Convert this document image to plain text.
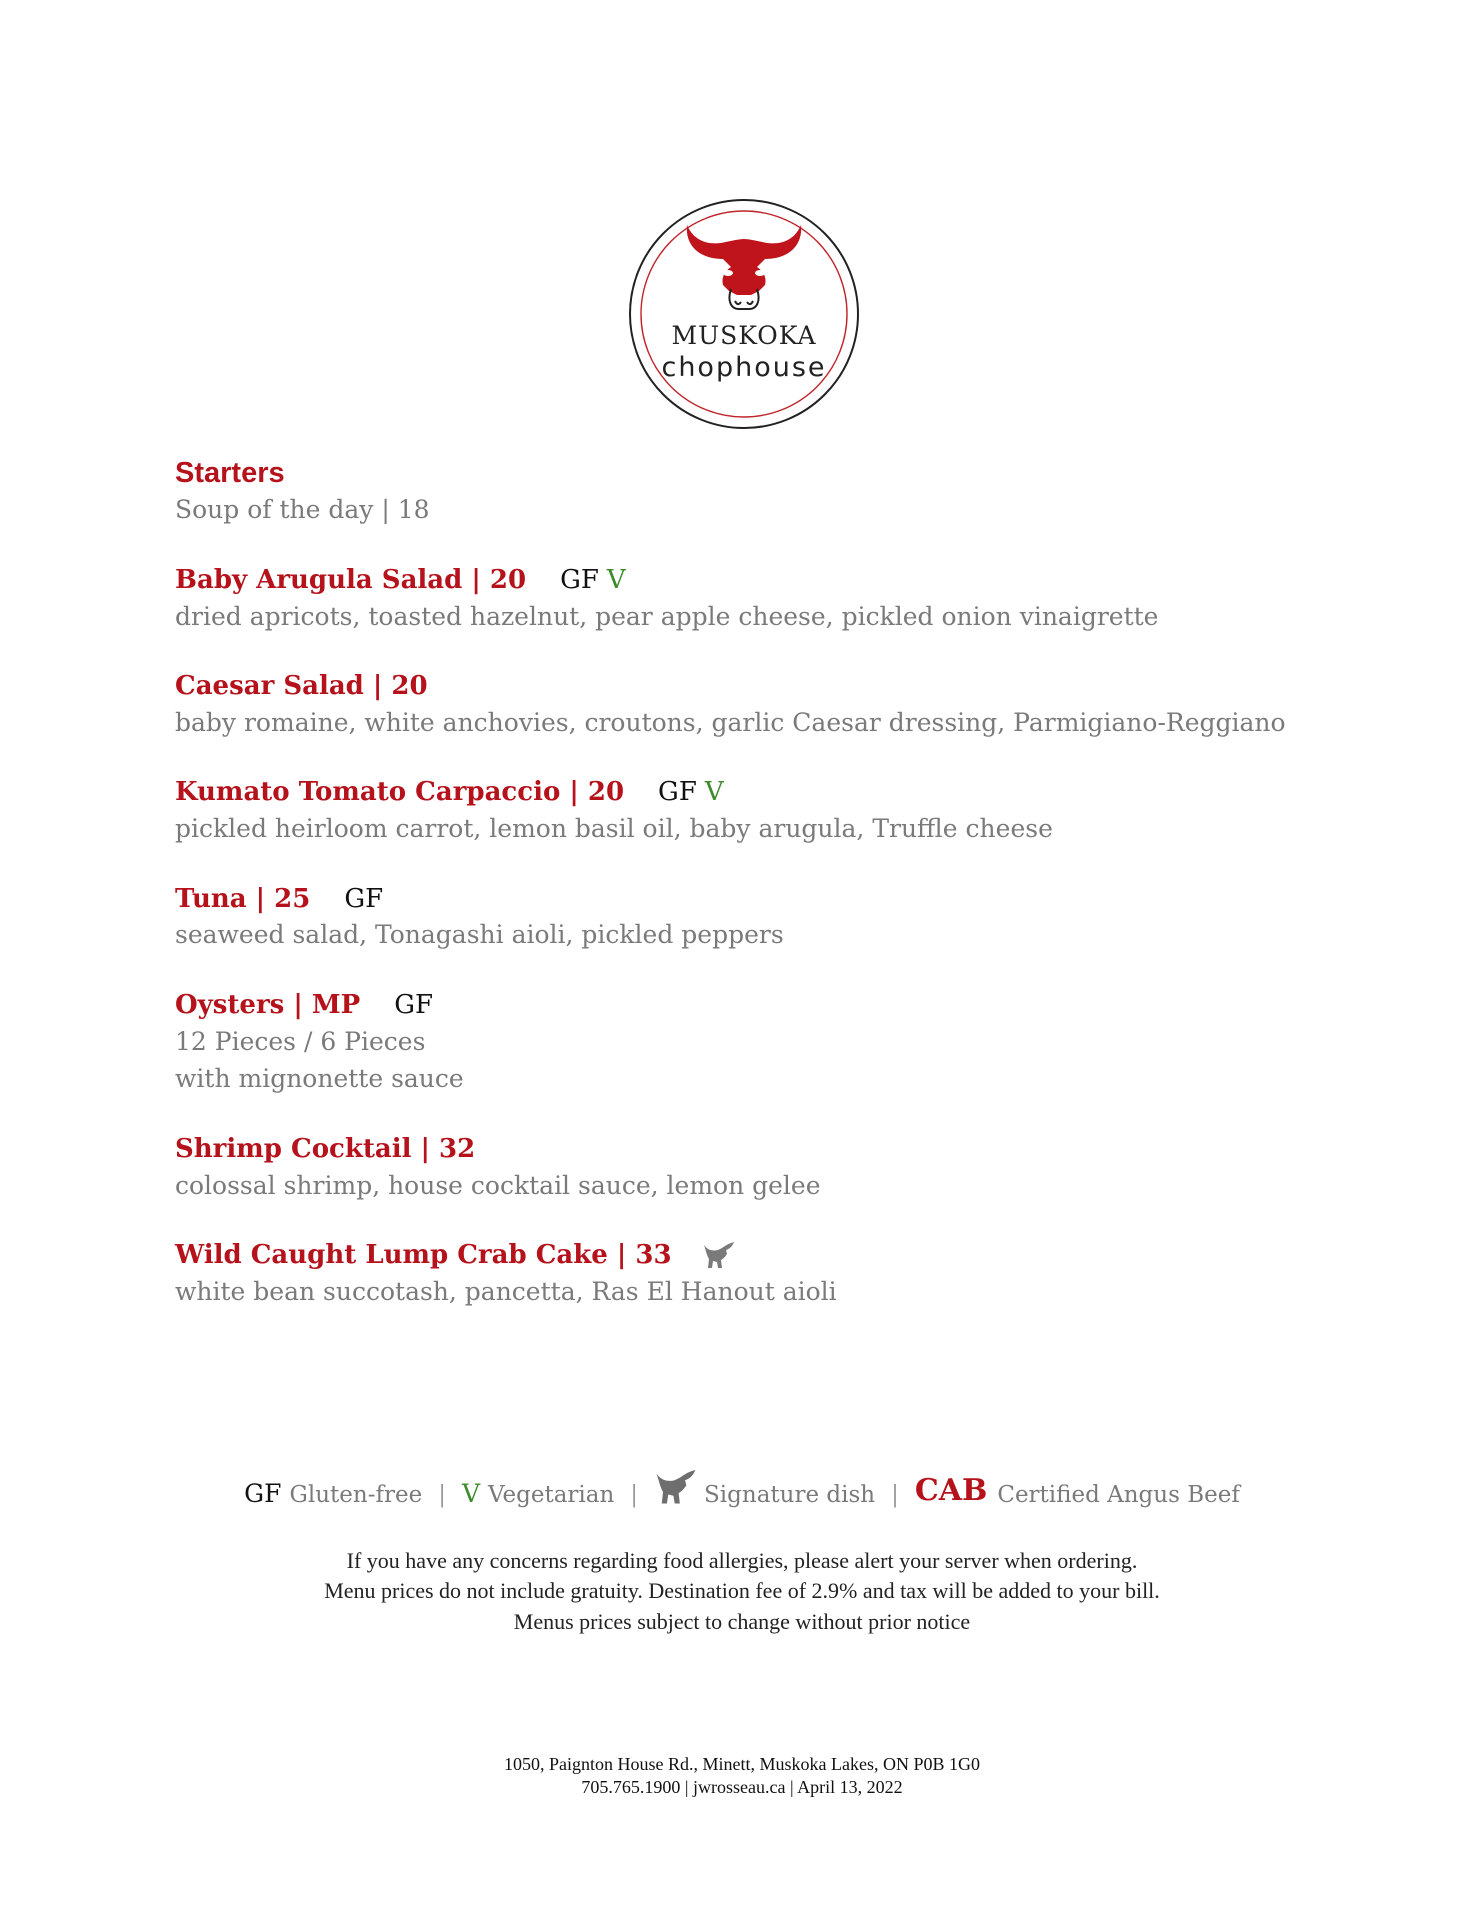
MUSKOKA
chophouse
Starters

Soup of the day | 18

Baby Arugula Salad | 20 GF V

dried apricots, toasted hazelnut, pear apple cheese, pickled onion vinaigrette

Caesar Salad | 20

baby romaine, white anchovies, croutons, garlic Caesar dressing, Parmigiano-Reggiano

Kumato Tomato Carpaccio | 20 GF V

pickled heirloom carrot, lemon basil oil, baby arugula, Truffle cheese

Tuna | 25 GF

seaweed salad, Tonagashi aioli, pickled peppers

Oysters | MP GF

12 Pieces / 6 Pieces

with mignonette sauce

Shrimp Cocktail | 32

colossal shrimp, house cocktail sauce, lemon gelee

Wild Caught Lump Crab Cake | 33

white bean succotash, pancetta, Ras El Hanout aioli

GF Gluten-free | V Vegetarian |	Signature dish | CAB Certified Angus Beef
If you have any concerns regarding food allergies, please alert your server when ordering.
Menu prices do not include gratuity. Destination fee of 2.9% and tax will be added to your bill.
Menus prices subject to change without prior notice
1050, Paignton House Rd., Minett, Muskoka Lakes, ON P0B 1G0
705.765.1900 | jwrosseau.ca | April 13, 2022
